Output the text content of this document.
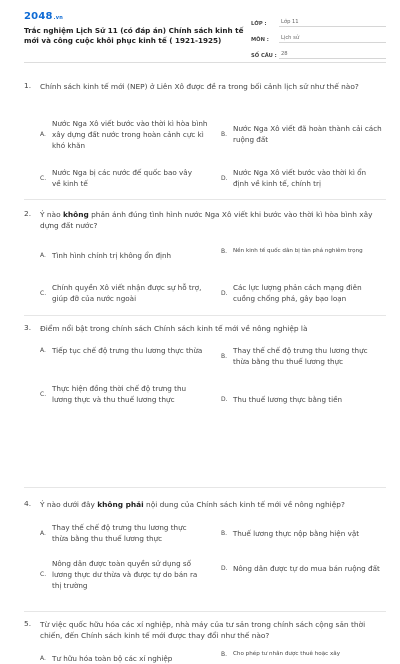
2048.vn
Trắc nghiệm Lịch Sử 11 (có đáp án) Chính sách kinh tế mới và công cuộc khôi phục kinh tế ( 1921-1925)
LỚP :	Lớp 11
MÔN :	Lịch sử
SỐ CÂU : 28
1.	Chính sách kinh tế mới (NEP) ở Liên Xô được đề ra trong bối cảnh lịch sử như thế nào?
A.
Nước Nga Xô viết bước vào thời kì hòa bình xây dựng đất nước trong hoàn cảnh cực kì khó khăn
B.
Nước Nga Xô viết đã hoàn thành cải cách ruộng đất
C.
Nước Nga bị các nước đế quốc bao vây về kinh tế
D.
Nước Nga Xô viết bước vào thời kì ổn định về kinh tế, chính trị
2.	Ý nào không phản ánh đúng tình hình nước Nga Xô viết khi bước vào thời kì hòa bình xây dựng đất nước?
A. Tình hình chính trị không ổn định	B.	Nền kinh tế quốc dân bị tàn phá nghiêm trọng
C.
Chính quyền Xô viết nhận được sự hỗ trợ, giúp đỡ của nước ngoài
D.
Các lực lượng phản cách mạng điên cuồng chống phá, gây bạo loạn
3.	Điểm nổi bật trong chính sách Chính sách kinh tế mới về nông nghiệp là
A. Tiếp tục chế độ trưng thu lương thực thừa
B.
Thay thế chế độ trưng thu lương thực thừa bằng thu thuế lương thực
C.
Thực hiện đồng thời chế độ trưng thu lương thực và thu thuế lương thực	D. Thu thuế lương thực bằng tiền
4.	Ý nào dưới đây không phải nội dung của Chính sách kinh tế mới về nông nghiệp?
A.
Thay thế chế độ trưng thu lương thực thừa bằng thu thuế lương thực
B. Thuế lương thực nộp bằng hiện vật
C.
Nông dân được toàn quyền sử dụng số lương thực dư thừa và được tự do bán ra thị trường
D. Nông dân được tự do mua bán ruộng đất
5.	Từ việc quốc hữu hóa các xí nghiệp, nhà máy của tư sản trong chính sách cộng sản thời chiến, đến Chính sách kinh tế mới được thay đổi như thế nào?
A. Tư hữu hóa toàn bộ các xí nghiệp	B.	Cho phép tư nhân được thuê hoặc xây
